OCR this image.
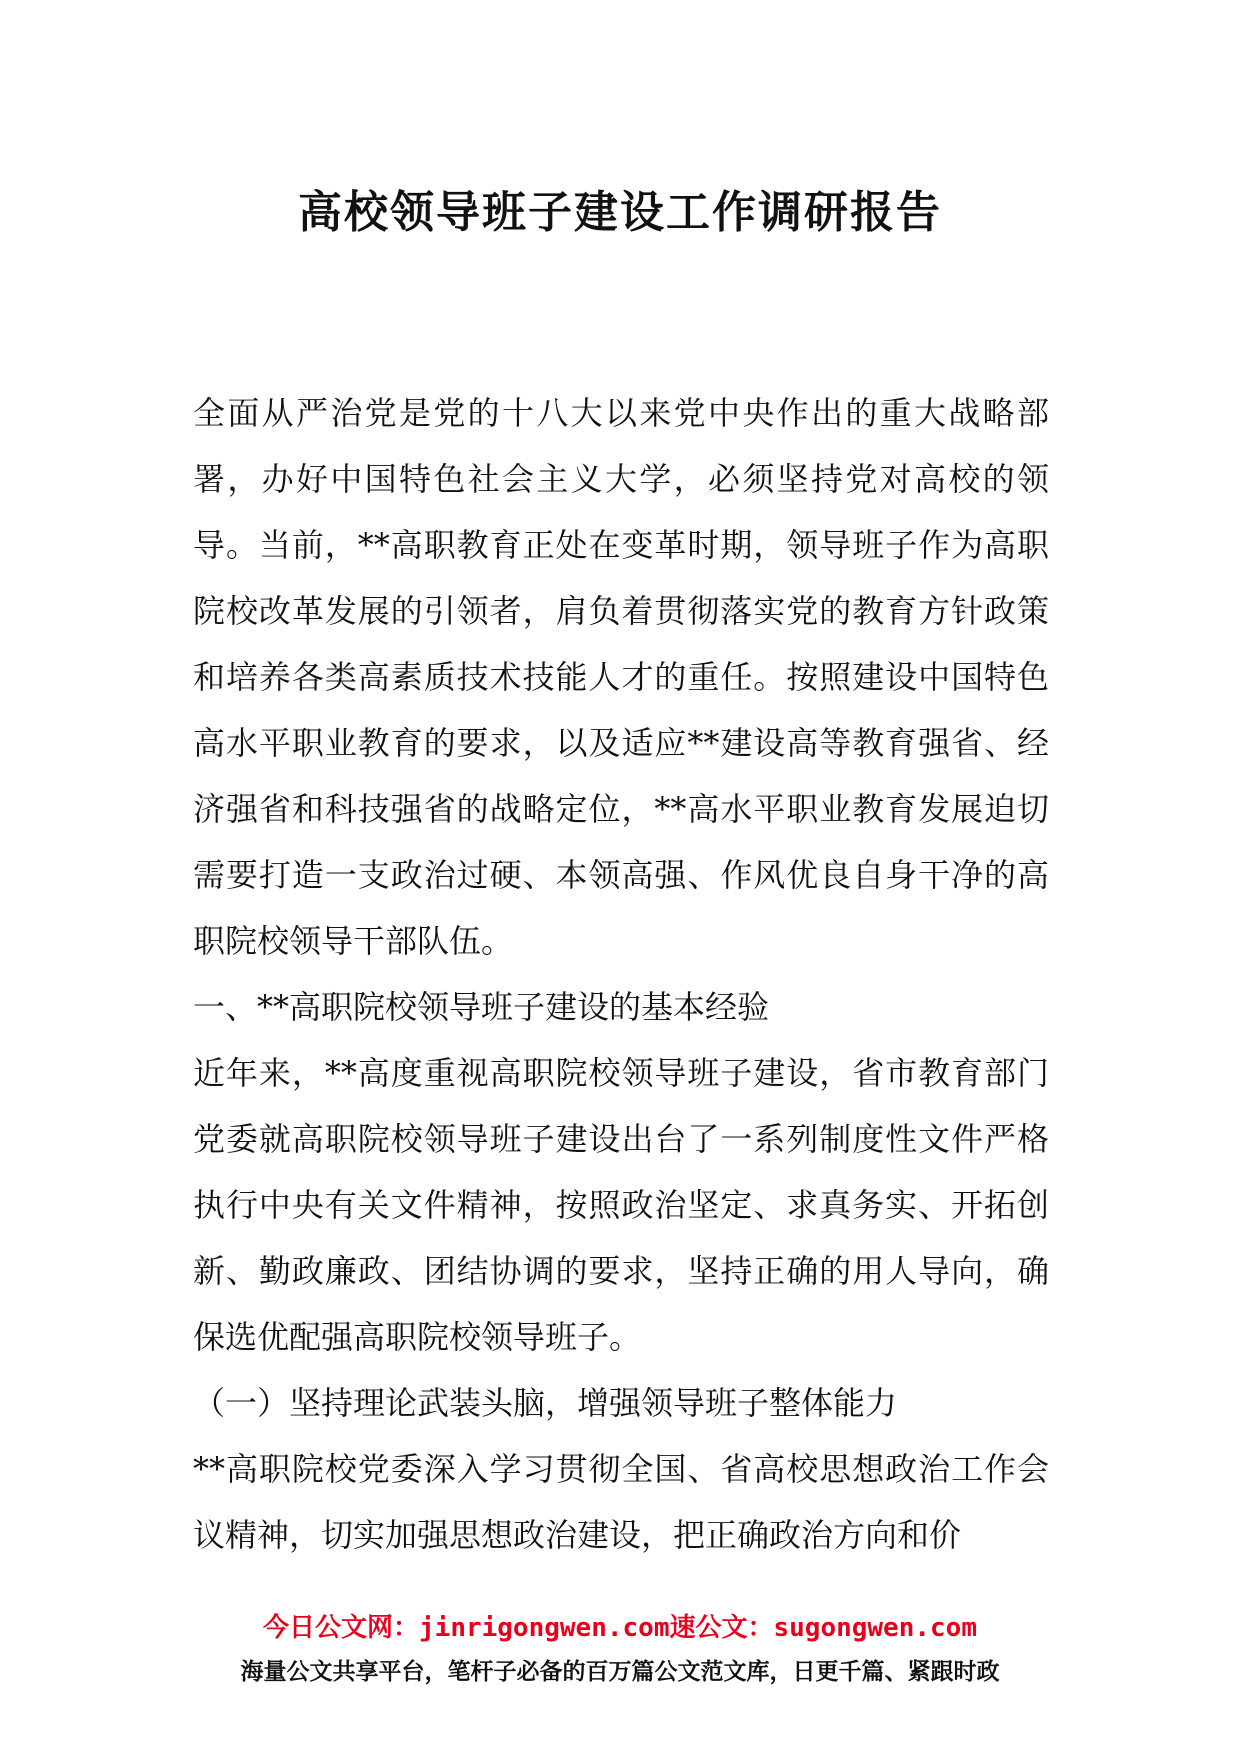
高校领导班子建设工作调研报告

全面从严治党是党的十八大以来党中央作出的重大战略部署，办好中国特色社会主义大学，必须坚持党对高校的领导。当前，**高职教育正处在变革时期，领导班子作为高职院校改革发展的引领者，肩负着贯彻落实党的教育方针政策和培养各类高素质技术技能人才的重任。按照建设中国特色高水平职业教育的要求，以及适应**建设高等教育强省、经济强省和科技强省的战略定位，**高水平职业教育发展迫切需要打造一支政治过硬、本领高强、作风优良自身干净的高职院校领导干部队伍。

一、**高职院校领导班子建设的基本经验

近年来，**高度重视高职院校领导班子建设，省市教育部门党委就高职院校领导班子建设出台了一系列制度性文件严格执行中央有关文件精神，按照政治坚定、求真务实、开拓创新、勤政廉政、团结协调的要求，坚持正确的用人导向，确保选优配强高职院校领导班子。

（一）坚持理论武装头脑，增强领导班子整体能力

**高职院校党委深入学习贯彻全国、省高校思想政治工作会议精神，切实加强思想政治建设，把正确政治方向和价

今日公文网：jinrigongwen.com速公文：sugongwen.com
海量公文共享平台，笔杆子必备的百万篇公文范文库，日更千篇、紧跟时政
